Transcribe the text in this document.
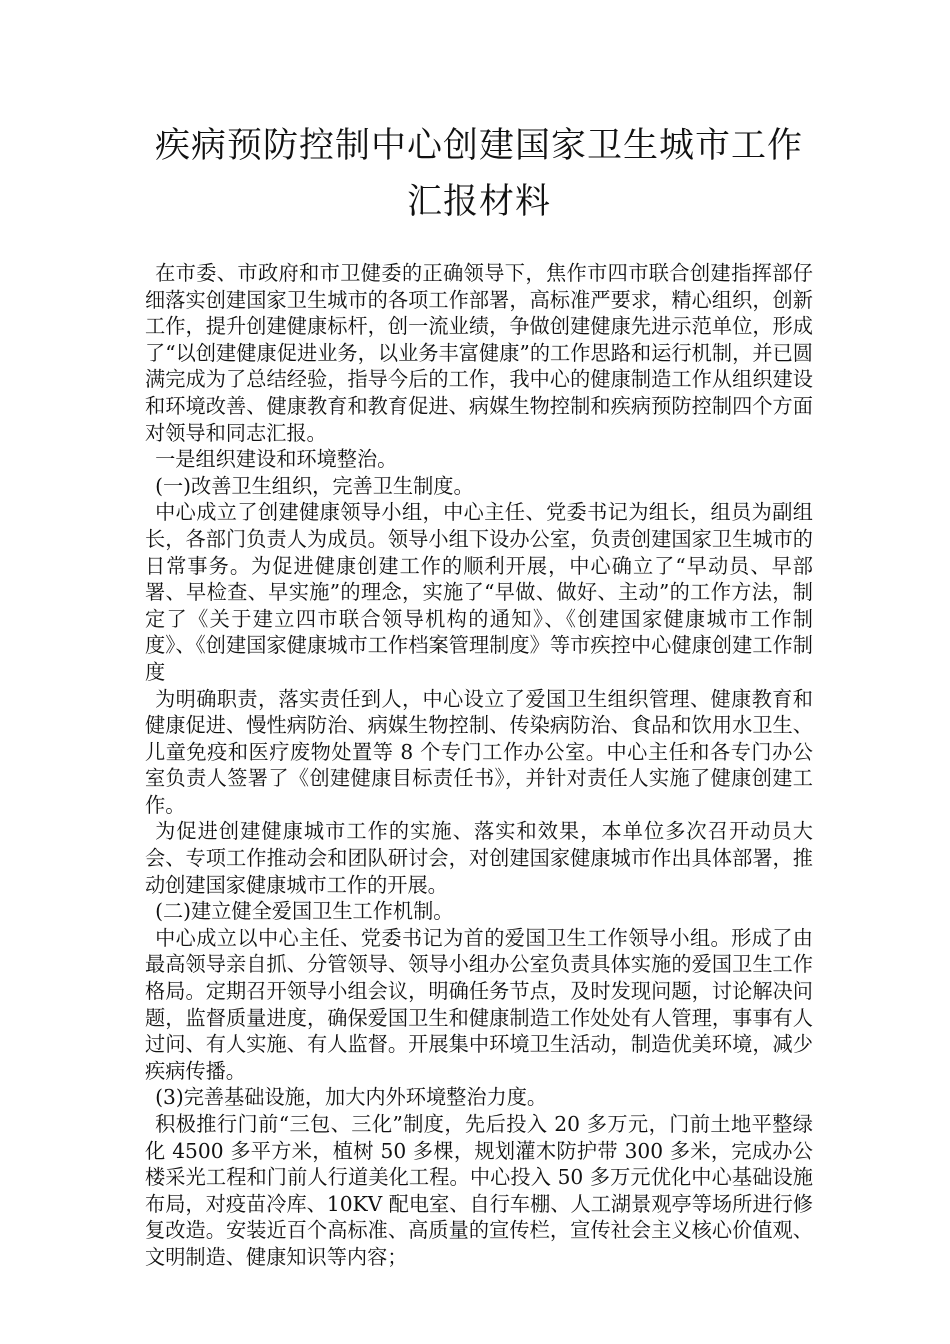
疾病预防控制中心创建国家卫生城市工作
汇报材料

在市委、市政府和市卫健委的正确领导下，焦作市四市联合创建指挥部仔细落实创建国家卫生城市的各项工作部署，高标准严要求，精心组织，创新工作，提升创建健康标杆，创一流业绩，争做创建健康先进示范单位，形成了“以创建健康促进业务，以业务丰富健康”的工作思路和运行机制，并已圆满完成为了总结经验，指导今后的工作，我中心的健康制造工作从组织建设和环境改善、健康教育和教育促进、病媒生物控制和疾病预防控制四个方面对领导和同志汇报。

一是组织建设和环境整治。

(一)改善卫生组织，完善卫生制度。

中心成立了创建健康领导小组，中心主任、党委书记为组长，组员为副组长，各部门负责人为成员。领导小组下设办公室，负责创建国家卫生城市的日常事务。为促进健康创建工作的顺利开展，中心确立了“早动员、早部署、早检查、早实施”的理念，实施了“早做、做好、主动”的工作方法，制定了《关于建立四市联合领导机构的通知》、《创建国家健康城市工作制度》、《创建国家健康城市工作档案管理制度》等市疾控中心健康创建工作制度

为明确职责，落实责任到人，中心设立了爱国卫生组织管理、健康教育和健康促进、慢性病防治、病媒生物控制、传染病防治、食品和饮用水卫生、儿童免疫和医疗废物处置等 8 个专门工作办公室。中心主任和各专门办公室负责人签署了《创建健康目标责任书》，并针对责任人实施了健康创建工作。

为促进创建健康城市工作的实施、落实和效果，本单位多次召开动员大会、专项工作推动会和团队研讨会，对创建国家健康城市作出具体部署，推动创建国家健康城市工作的开展。

(二)建立健全爱国卫生工作机制。

中心成立以中心主任、党委书记为首的爱国卫生工作领导小组。形成了由最高领导亲自抓、分管领导、领导小组办公室负责具体实施的爱国卫生工作格局。定期召开领导小组会议，明确任务节点，及时发现问题，讨论解决问题，监督质量进度，确保爱国卫生和健康制造工作处处有人管理，事事有人过问、有人实施、有人监督。开展集中环境卫生活动，制造优美环境，减少疾病传播。

(3)完善基础设施，加大内外环境整治力度。

积极推行门前“三包、三化”制度，先后投入 20 多万元，门前土地平整绿化 4500 多平方米，植树 50 多棵，规划灌木防护带 300 多米，完成办公楼采光工程和门前人行道美化工程。中心投入 50 多万元优化中心基础设施布局，对疫苗冷库、10KV 配电室、自行车棚、人工湖景观亭等场所进行修复改造。安装近百个高标准、高质量的宣传栏，宣传社会主义核心价值观、文明制造、健康知识等内容；
